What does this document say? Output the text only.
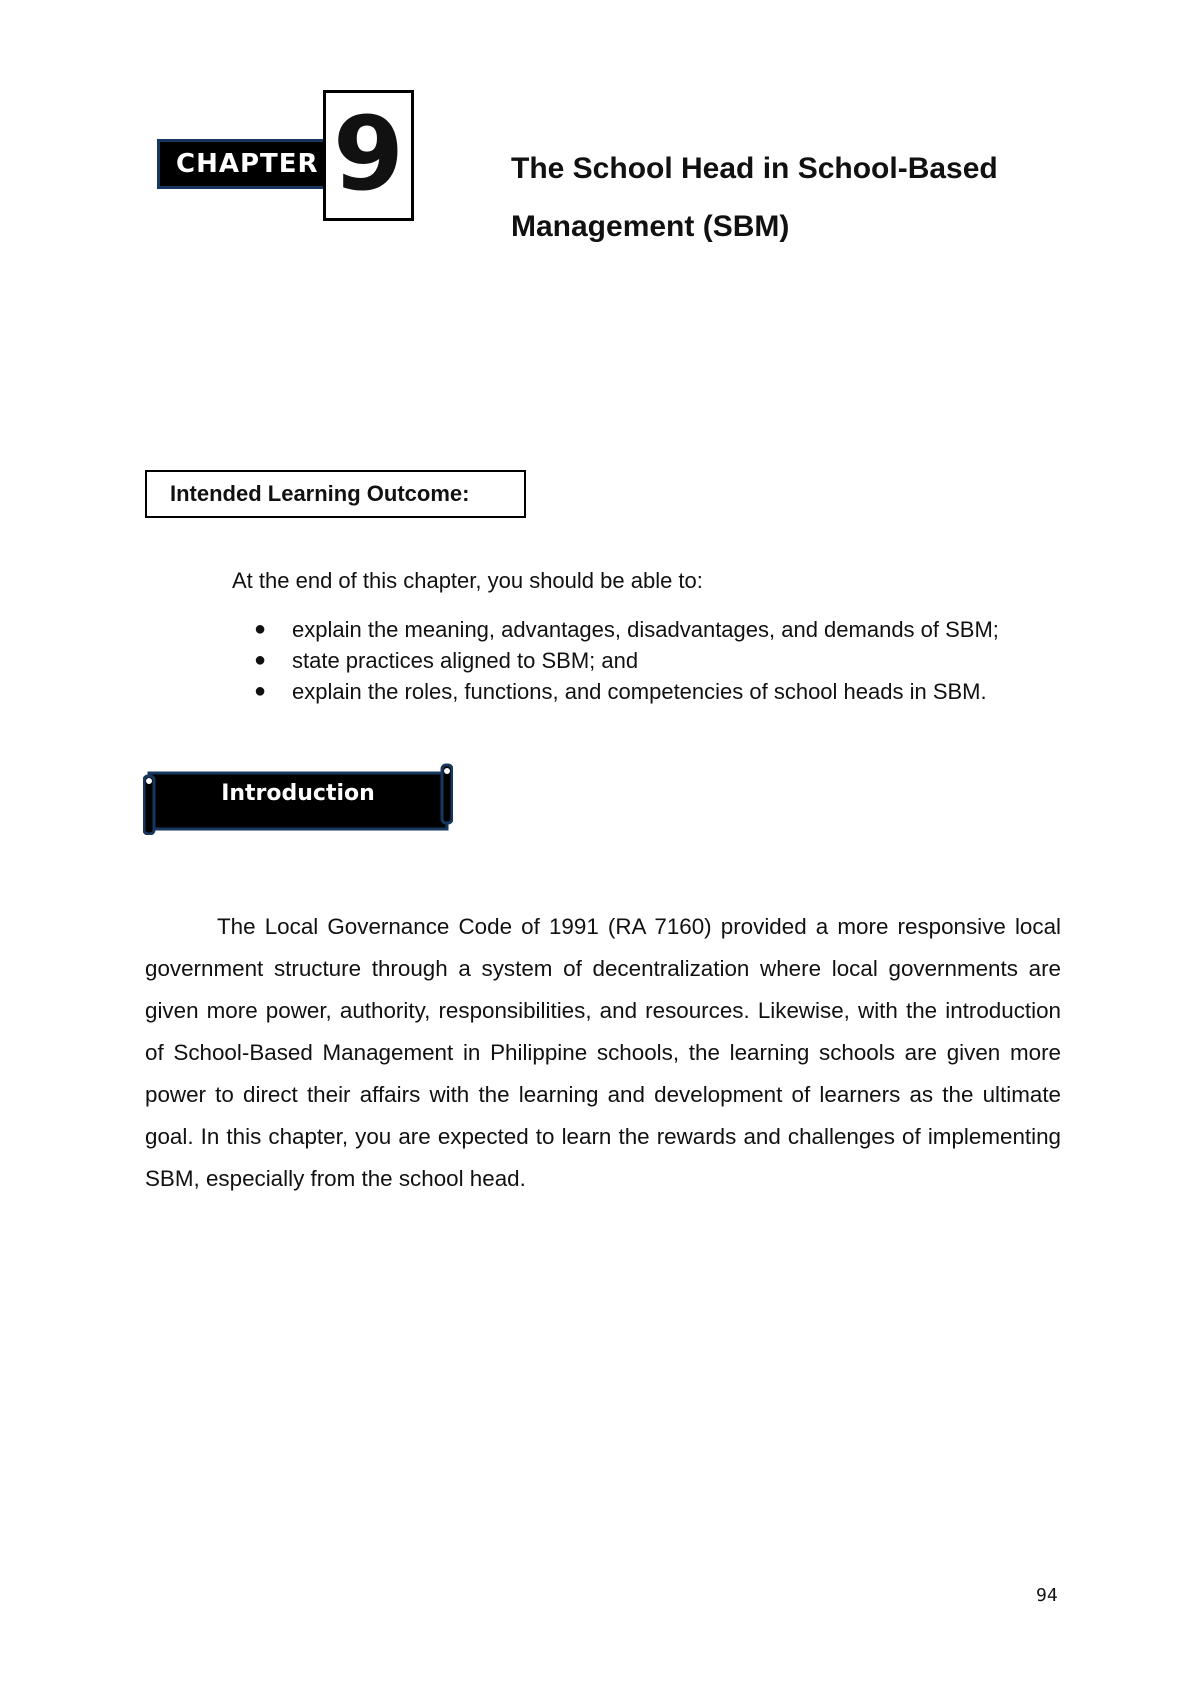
CHAPTER 9	The School Head in School-Based Management (SBM)
Intended Learning Outcome:

At the end of this chapter, you should be able to:

● explain the meaning, advantages, disadvantages, and demands of SBM;
● state practices aligned to SBM; and
● explain the roles, functions, and competencies of school heads in SBM.
Introduction

The Local Governance Code of 1991 (RA 7160) provided a more responsive local government structure through a system of decentralization where local governments are given more power, authority, responsibilities, and resources. Likewise, with the introduction of School-Based Management in Philippine schools, the learning schools are given more power to direct their affairs with the learning and development of learners as the ultimate goal. In this chapter, you are expected to learn the rewards and challenges of implementing SBM, especially from the school head.

94
